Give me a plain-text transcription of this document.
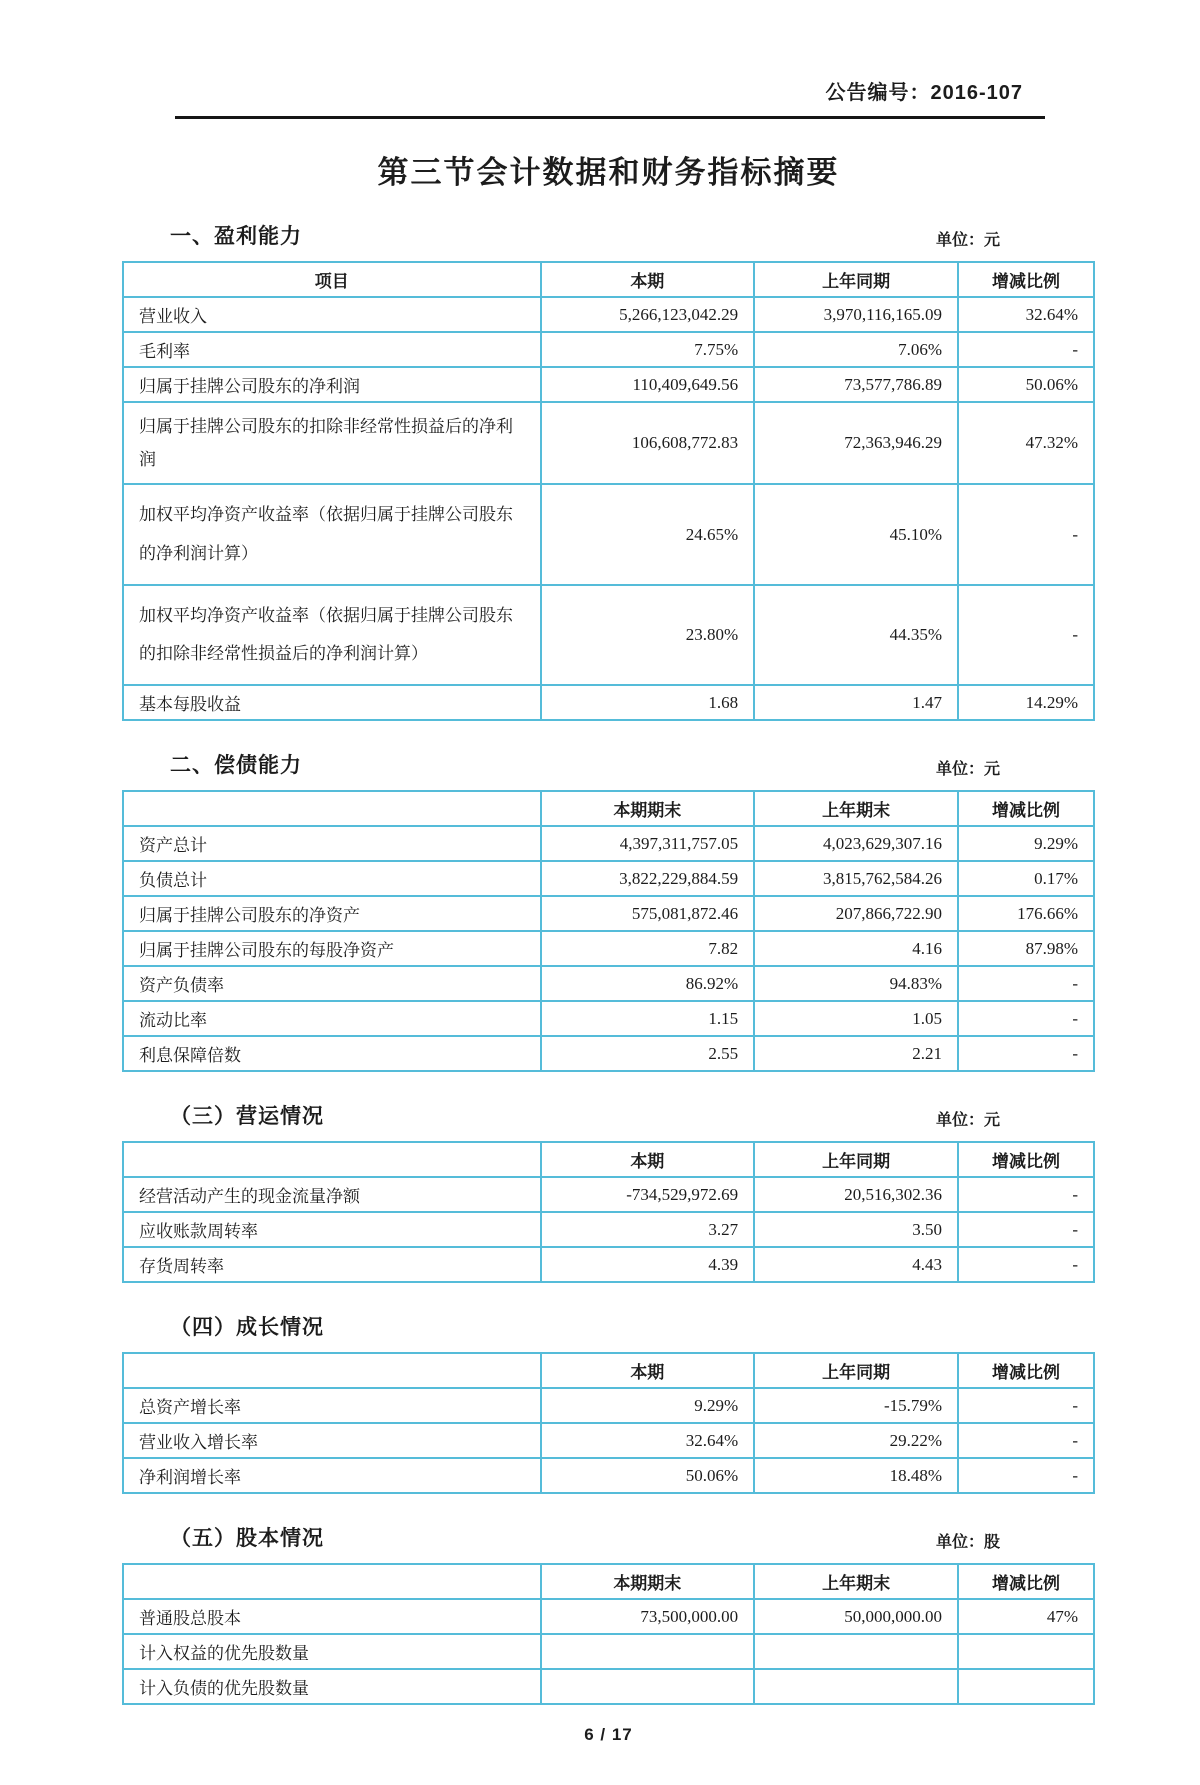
公告编号：2016-107
第三节会计数据和财务指标摘要
一、盈利能力	单位：元
项目	本期	上年同期	增减比例
营业收入	5,266,123,042.29	3,970,116,165.09	32.64%
毛利率	7.75%	7.06%	-
归属于挂牌公司股东的净利润	110,409,649.56	73,577,786.89	50.06%
归属于挂牌公司股东的扣除非经常性损益后的净利润	106,608,772.83	72,363,946.29	47.32%
加权平均净资产收益率（依据归属于挂牌公司股东的净利润计算）	24.65%	45.10%	-
加权平均净资产收益率（依据归属于挂牌公司股东的扣除非经常性损益后的净利润计算）	23.80%	44.35%	-
基本每股收益	1.68	1.47	14.29%
二、偿债能力	单位：元
	本期期末	上年期末	增减比例
资产总计	4,397,311,757.05	4,023,629,307.16	9.29%
负债总计	3,822,229,884.59	3,815,762,584.26	0.17%
归属于挂牌公司股东的净资产	575,081,872.46	207,866,722.90	176.66%
归属于挂牌公司股东的每股净资产	7.82	4.16	87.98%
资产负债率	86.92%	94.83%	-
流动比率	1.15	1.05	-
利息保障倍数	2.55	2.21	-
（三）营运情况	单位：元
	本期	上年同期	增减比例
经营活动产生的现金流量净额	-734,529,972.69	20,516,302.36	-
应收账款周转率	3.27	3.50	-
存货周转率	4.39	4.43	-
（四）成长情况
	本期	上年同期	增减比例
总资产增长率	9.29%	-15.79%	-
营业收入增长率	32.64%	29.22%	-
净利润增长率	50.06%	18.48%	-
（五）股本情况	单位：股
	本期期末	上年期末	增减比例
普通股总股本	73,500,000.00	50,000,000.00	47%
计入权益的优先股数量			
计入负债的优先股数量			
6 / 17
